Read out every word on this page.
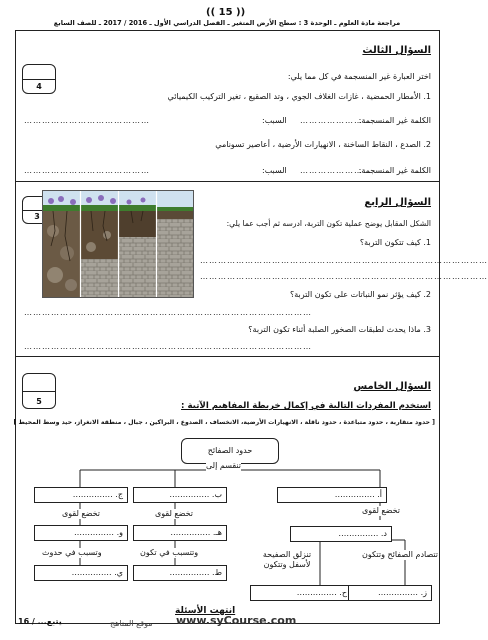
(( 15 ))
مراجعة مادة العلوم ـ الوحدة 3 : سطح الأرض المتغير ـ الفصل الدراسي الأول ـ 2016 / 2017 ـ للصف السابع
4
السؤال الثالث
اختر العبارة غير المنسجمة في كل مما يلي:
1. الأمطار الحمضية ، غازات الغلاف الجوي ، وتد الصقيع ، تغير التركيب الكيميائي
الكلمة غير المنسجمة:
……………………
السبب:
……………………………………
2. الصدع ، النقاط الساخنة ، الانهيارات الأرضية ، أعاصير تسونامي
الكلمة غير المنسجمة:
……………………
السبب:
……………………………………
3
السؤال الرابع
الشكل المقابل يوضح عملية تكون التربة، ادرسه ثم أجب عما يلي:
1. كيف تتكون التربة؟
……………………………………………………………………………………
……………………………………………………………………………………
2. كيف يؤثر نمو النباتات على تكون التربة؟
……………………………………………………………………………………
3. ماذا يحدث لطبقات الصخور الصلبة أثناء تكون التربة؟
……………………………………………………………………………………
5
السؤال الخامس
استخدم المفردات التالية في إكمال خريطة المفاهيم الآتية :
[ حدود متقاربة ، حدود متباعدة ، حدود ناقلة ، الانهيارات الأرضية، الانخساف ، الصدوع ، البراكين ، جبال ، منطقة الانغراز، حيد وسط المحيط ]
حدود الصفائح
تنقسم إلى
ج. ……………	ب. ……………
تخضع لقوى	تخضع لقوى	تخضع لقوى
أ. ……………
و. ……………	هـ. ……………	د. ……………
وتسبب في حدوث	وتتسبب في تكون	تنزلق الصفيحة لأسفل وتتكون
تتصادم الصفائح وتتكون
ي. ……………	ط. ……………
ح. ……………	ز. ……………
انتهت الأسئلة
www.syCourse.com
موقع المناهج
يتبع... / 16
